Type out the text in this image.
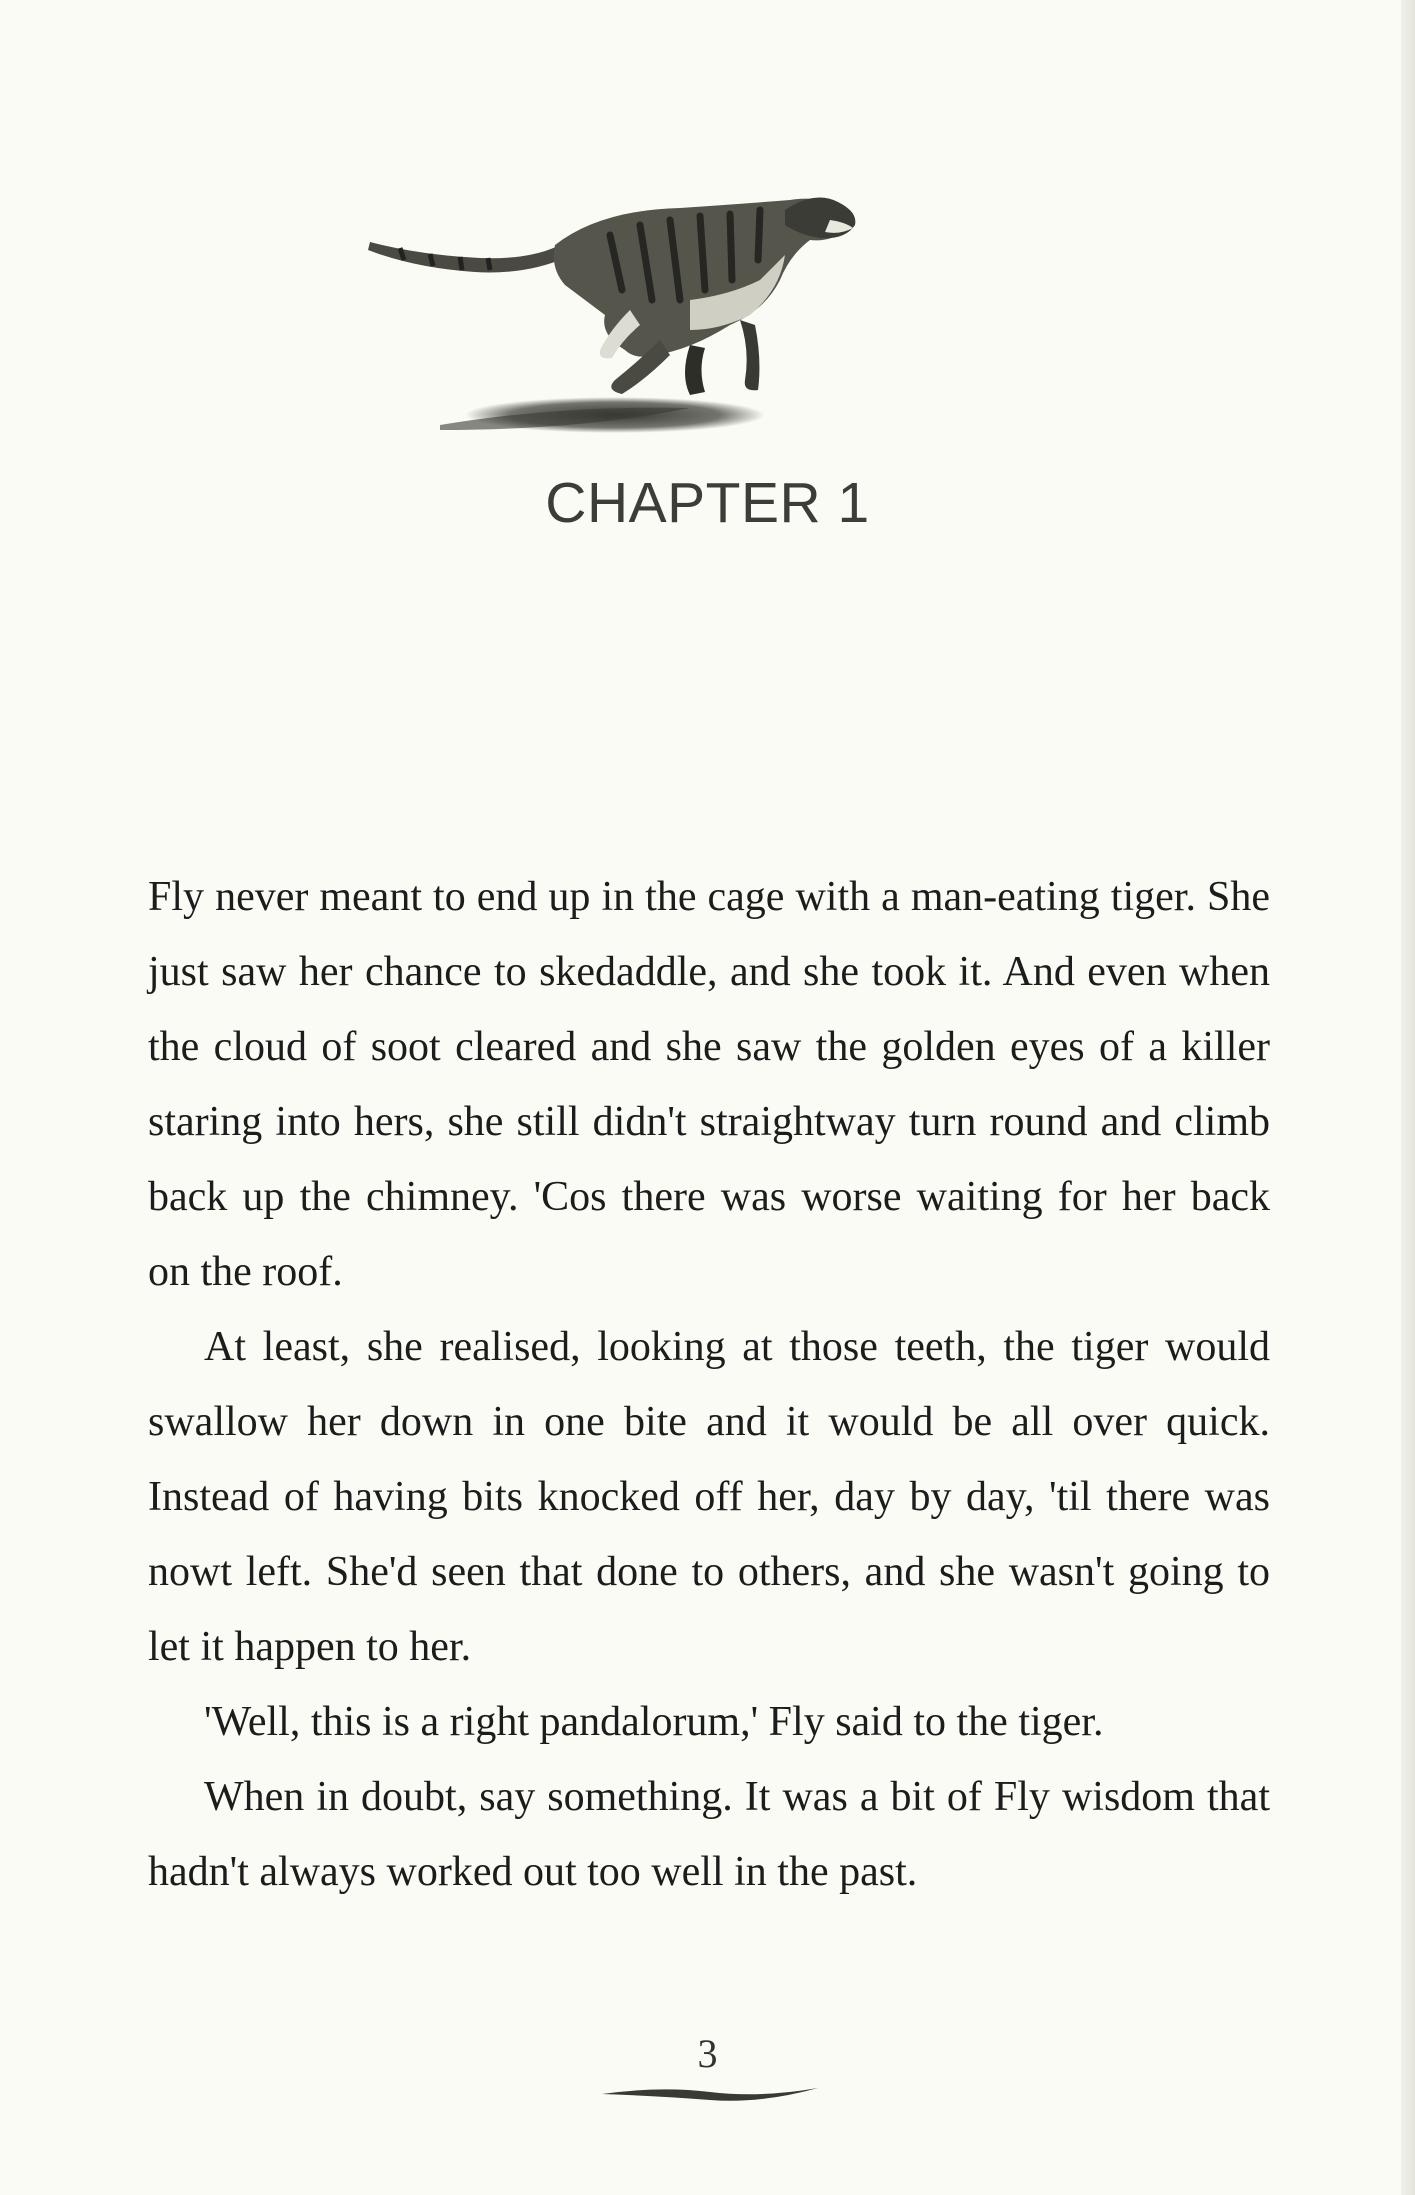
CHAPTER 1

Fly never meant to end up in the cage with a man-eating tiger. She just saw her chance to skedaddle, and she took it. And even when the cloud of soot cleared and she saw the golden eyes of a killer staring into hers, she still didn't straightway turn round and climb back up the chimney. 'Cos there was worse waiting for her back on the roof.

At least, she realised, looking at those teeth, the tiger would swallow her down in one bite and it would be all over quick. Instead of having bits knocked off her, day by day, 'til there was nowt left. She'd seen that done to others, and she wasn't going to let it happen to her.

'Well, this is a right pandalorum,' Fly said to the tiger.

When in doubt, say something. It was a bit of Fly wisdom that hadn't always worked out too well in the past.

3
